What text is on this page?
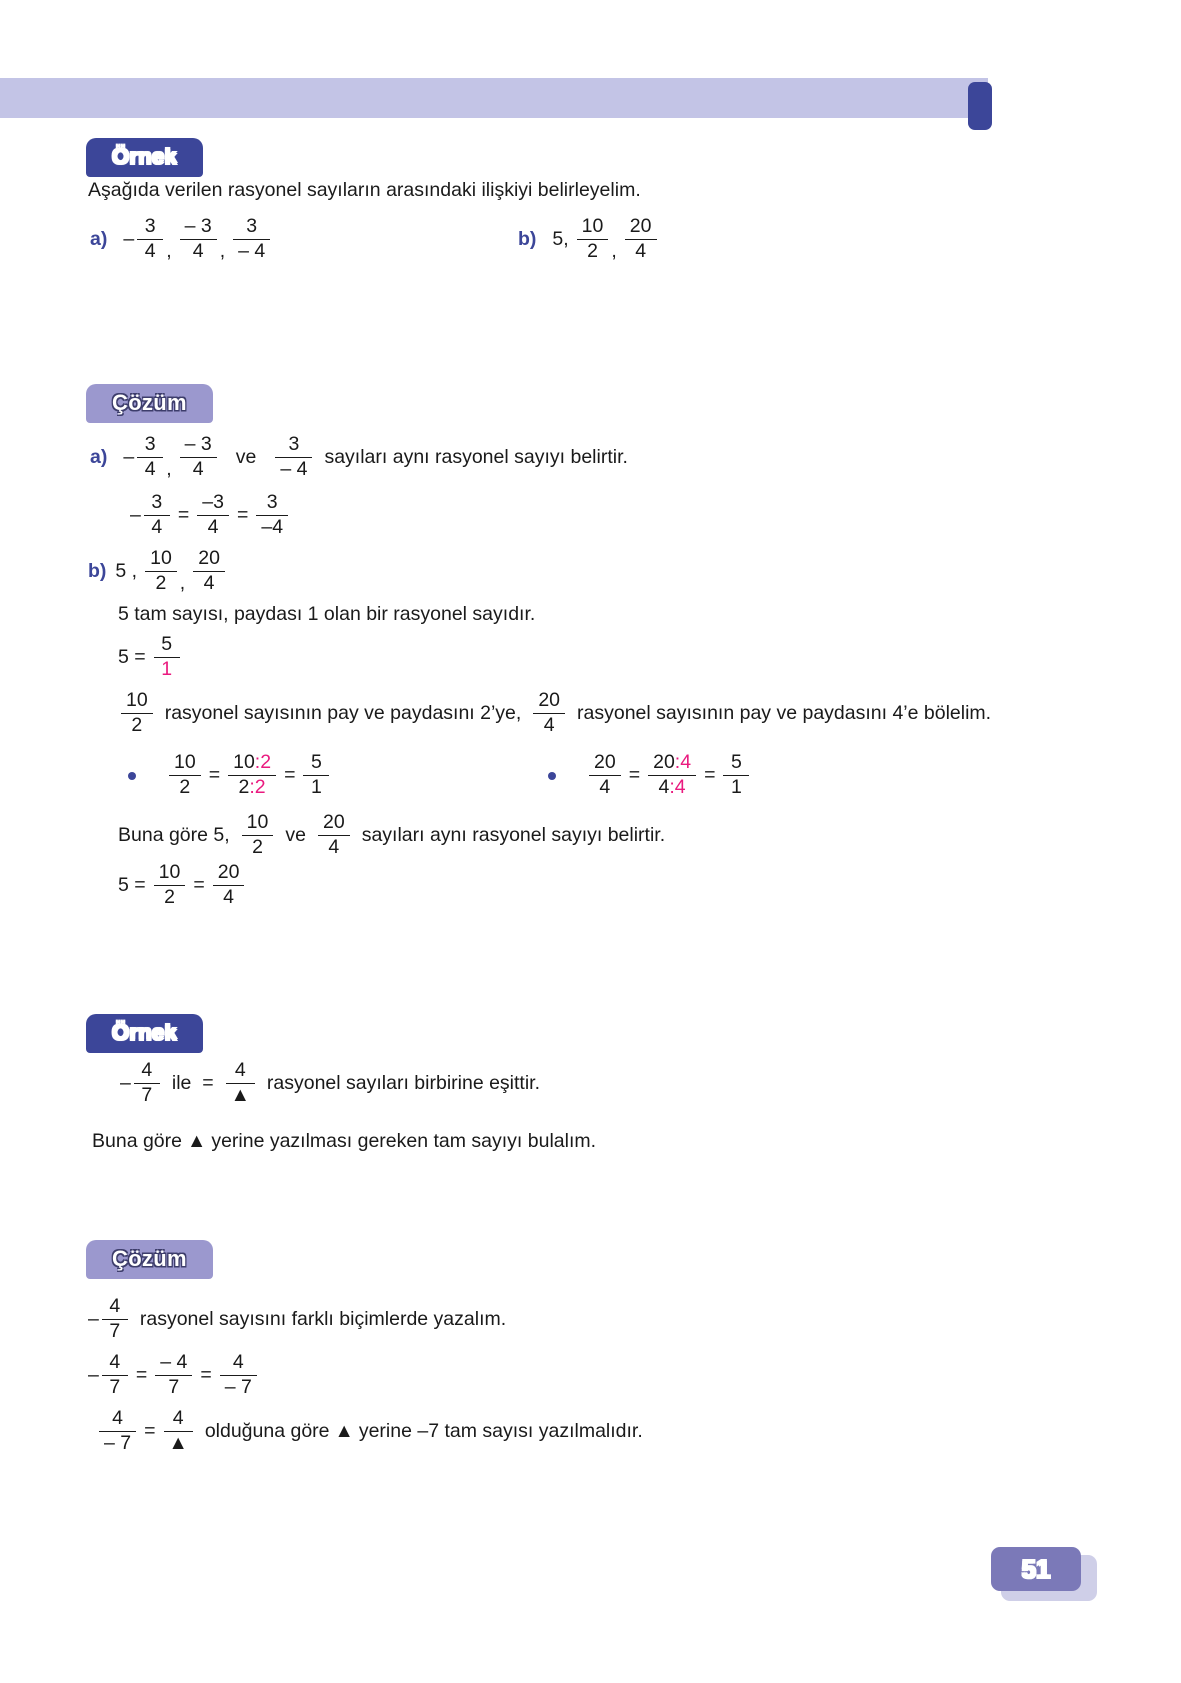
Örnek
Aşağıda verilen rasyonel sayıların arasındaki ilişkiyi belirleyelim.
$a) - \frac{3}{4}$ , $\frac{- 3}{4}$ , $\frac{3}{- 4}$	b) 5, $\frac{10}{2}$ , $\frac{20}{4}$
Çözüm
$a) - \frac{3}{4}$ , $\frac{- 3}{4}$ ve $\frac{3}{- 4}$ sayıları aynı rasyonel sayıyı belirtir.
– $\frac{3}{4} = \frac{-3}{4} = \frac{3}{-4}$
b) 5 , $\frac{10}{2}$ , $\frac{20}{4}$
5 tam sayısı, paydası 1 olan bir rasyonel sayıdır.
$5 = \frac{5}{1}$
$\frac{10}{2}$ rasyonel sayısının pay ve paydasını 2’ye, $\frac{20}{4}$ rasyonel sayısının pay ve paydasını 4’e bölelim.
$\frac{10}{2} = \frac{10:2}{2:2} = \frac{5}{1}$	$\frac{20}{4} = \frac{20:4}{4:4} = \frac{5}{1}$
Buna göre 5, $\frac{10}{2}$ ve $\frac{20}{4}$ sayıları aynı rasyonel sayıyı belirtir.
$5 = \frac{10}{2} = \frac{20}{4}$
Örnek
– $\frac{4}{7}$ ile  = $\frac{4}{▲}$ rasyonel sayıları birbirine eşittir.
Buna göre ▲ yerine yazılması gereken tam sayıyı bulalım.
Çözüm
– $\frac{4}{7}$ rasyonel sayısını farklı biçimlerde yazalım.
– $\frac{4}{7} = \frac{- 4}{7} = \frac{4}{- 7}$
$\frac{4}{- 7} = \frac{4}{▲}$ olduğuna göre ▲ yerine –7 tam sayısı yazılmalıdır.
51
